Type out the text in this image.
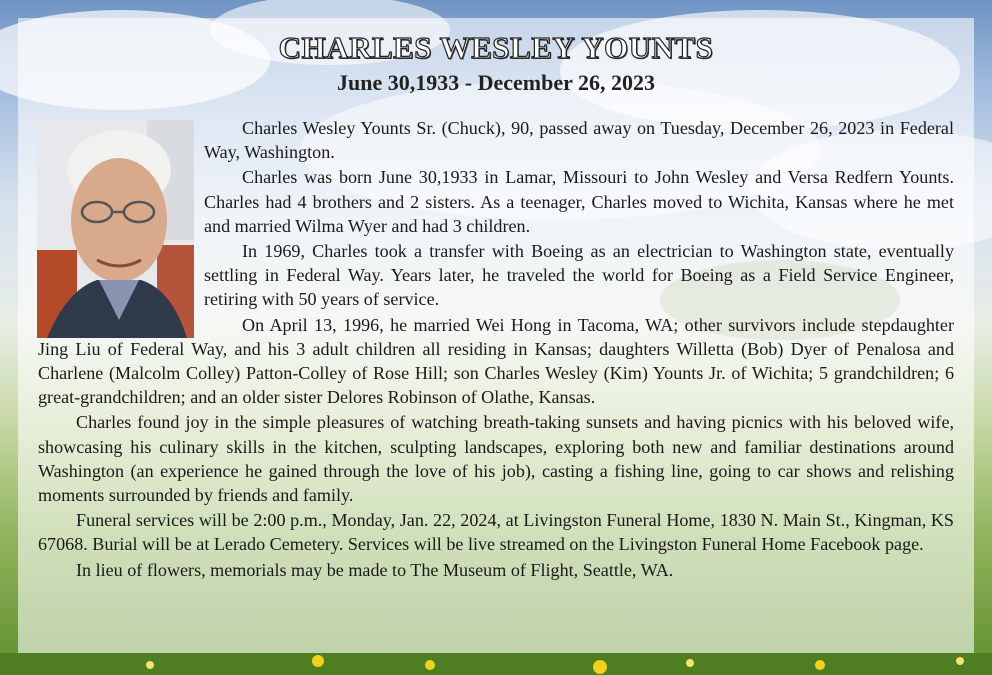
CHARLES WESLEY YOUNTS
June 30,1933 - December 26, 2023

Charles Wesley Younts Sr. (Chuck), 90, passed away on Tuesday, December 26, 2023 in Federal Way, Washington.

Charles was born June 30,1933 in Lamar, Missouri to John Wesley and Versa Redfern Younts. Charles had 4 brothers and 2 sisters. As a teenager, Charles moved to Wichita, Kansas where he met and married Wilma Wyer and had 3 children.

In 1969, Charles took a transfer with Boeing as an electrician to Washington state, eventually settling in Federal Way. Years later, he traveled the world for Boeing as a Field Service Engineer, retiring with 50 years of service.

On April 13, 1996, he married Wei Hong in Tacoma, WA; other survivors include stepdaughter Jing Liu of Federal Way, and his 3 adult children all residing in Kansas; daughters Willetta (Bob) Dyer of Penalosa and Charlene (Malcolm Colley) Patton-Colley of Rose Hill; son Charles Wesley (Kim) Younts Jr. of Wichita; 5 grandchildren; 6 great-grandchildren; and an older sister Delores Robinson of Olathe, Kansas.

Charles found joy in the simple pleasures of watching breath-taking sunsets and having picnics with his beloved wife, showcasing his culinary skills in the kitchen, sculpting landscapes, exploring both new and familiar destinations around Washington (an experience he gained through the love of his job), casting a fishing line, going to car shows and relishing moments surrounded by friends and family.

Funeral services will be 2:00 p.m., Monday, Jan. 22, 2024, at Livingston Funeral Home, 1830 N. Main St., Kingman, KS 67068. Burial will be at Lerado Cemetery. Services will be live streamed on the Livingston Funeral Home Facebook page.

In lieu of flowers, memorials may be made to The Museum of Flight, Seattle, WA.
